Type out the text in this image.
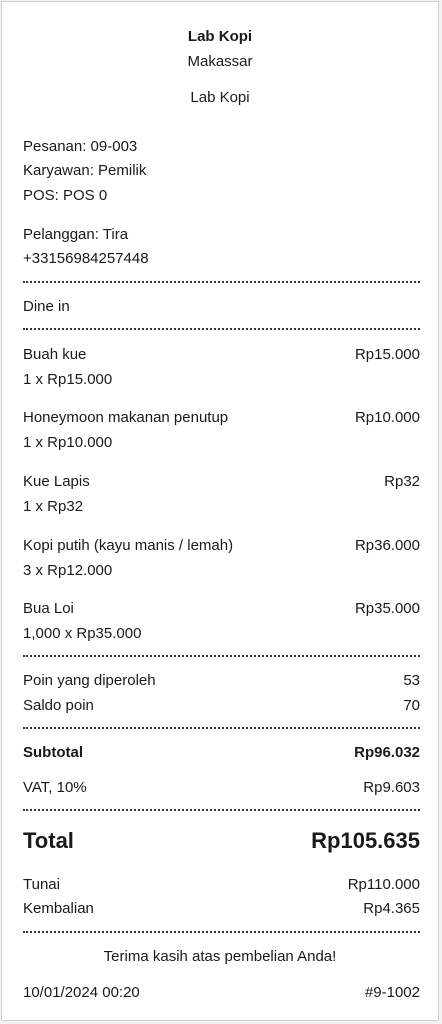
Lab Kopi
Makassar
Lab Kopi
Pesanan: 09-003
Karyawan: Pemilik
POS: POS 0
Pelanggan: Tira
+33156984257448
Dine in
Buah kue	Rp15.000
1 x Rp15.000
Honeymoon makanan penutup	Rp10.000
1 x Rp10.000
Kue Lapis	Rp32
1 x Rp32
Kopi putih (kayu manis / lemah)	Rp36.000
3 x Rp12.000
Bua Loi	Rp35.000
1,000 x Rp35.000
Poin yang diperoleh	53
Saldo poin	70
Subtotal	Rp96.032
VAT, 10%	Rp9.603
Total	Rp105.635
Tunai	Rp110.000
Kembalian	Rp4.365
Terima kasih atas pembelian Anda!
10/01/2024 00:20	#9-1002
